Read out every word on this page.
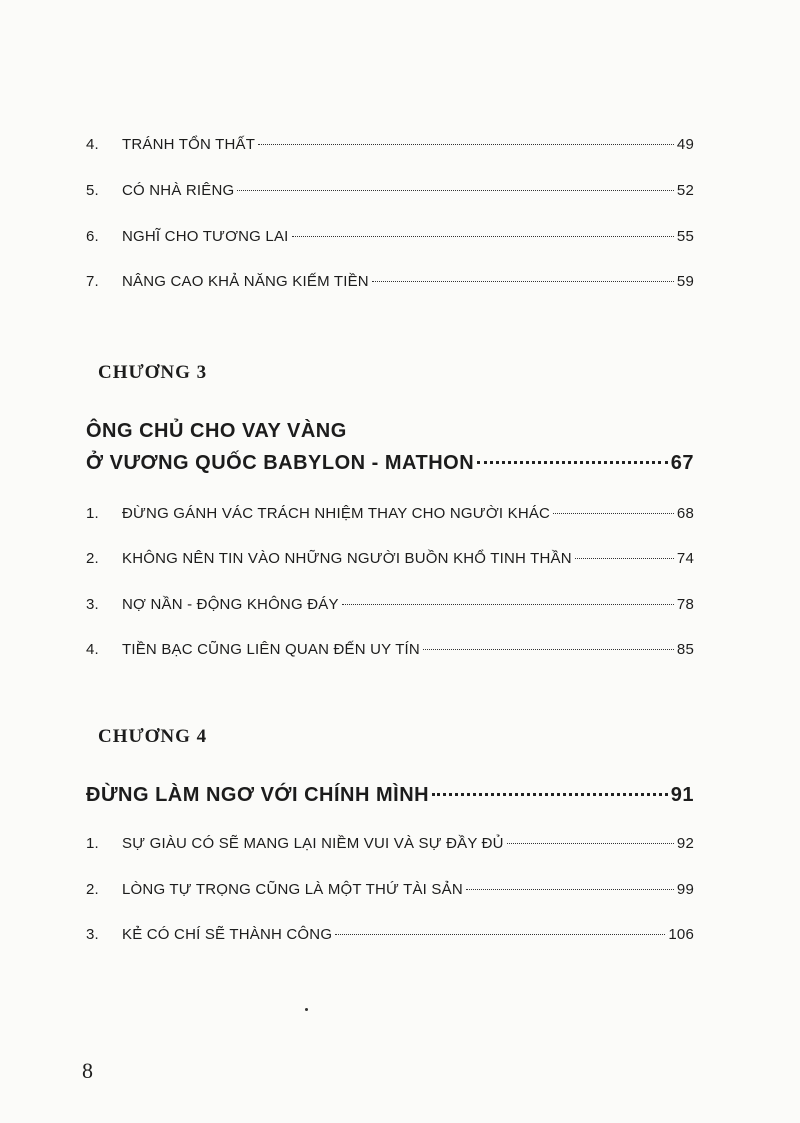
4.	TRÁNH TỔN THẤT	49
5.	CÓ NHÀ RIÊNG	52
6.	NGHĨ CHO TƯƠNG LAI	55
7.	NÂNG CAO KHẢ NĂNG KIẾM TIỀN	59
CHƯƠNG 3
ÔNG CHỦ CHO VAY VÀNG
Ở VƯƠNG QUỐC BABYLON - MATHON	67
1.	ĐỪNG GÁNH VÁC TRÁCH NHIỆM THAY CHO NGƯỜI KHÁC	68
2.	KHÔNG NÊN TIN VÀO NHỮNG NGƯỜI BUỒN KHỔ TINH THẦN	74
3.	NỢ NẦN - ĐỘNG KHÔNG ĐÁY	78
4.	TIỀN BẠC CŨNG LIÊN QUAN ĐẾN UY TÍN	85
CHƯƠNG 4
ĐỪNG LÀM NGƠ VỚI CHÍNH MÌNH	91
1.	SỰ GIÀU CÓ SẼ MANG LẠI NIỀM VUI VÀ SỰ ĐẦY ĐỦ	92
2.	LÒNG TỰ TRỌNG CŨNG LÀ MỘT THỨ TÀI SẢN	99
3.	KẺ CÓ CHÍ SẼ THÀNH CÔNG	106
8
